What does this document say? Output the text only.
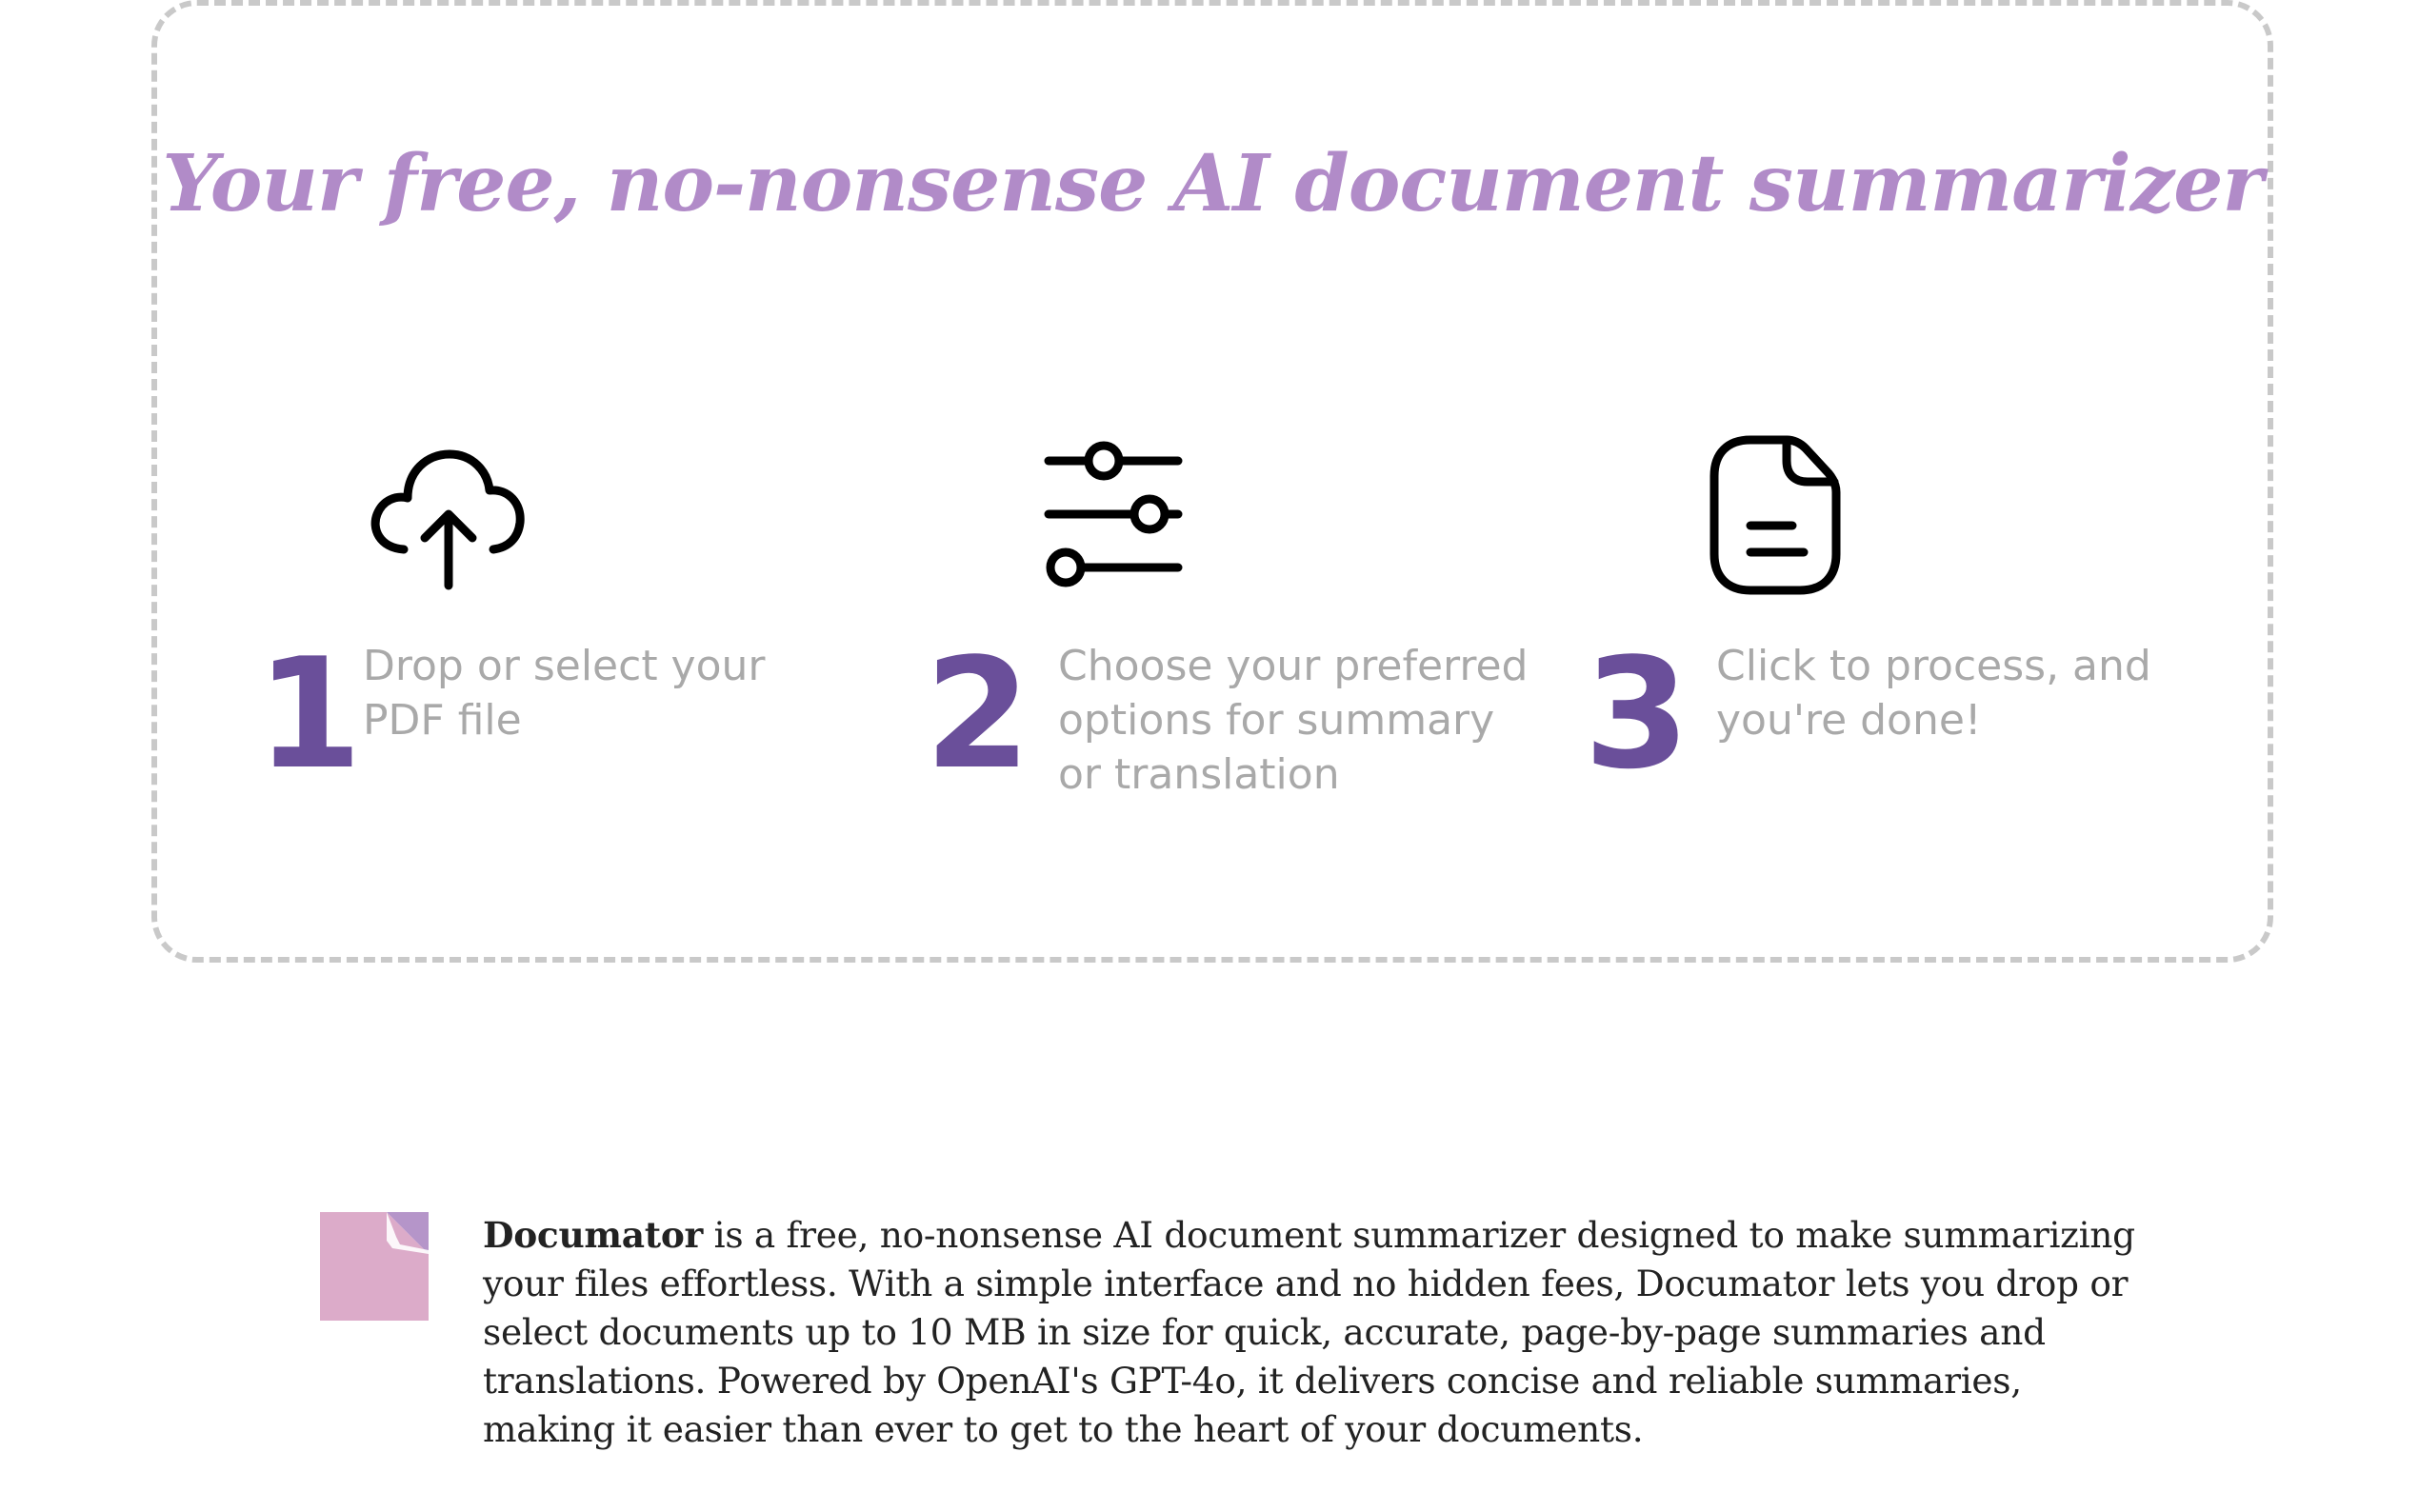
Your free, no-nonsense AI document summarizer
1	2	3
Drop or select your PDF file
Choose your preferred options for summary or translation
Click to process, and you're done!

Documator is a free, no-nonsense AI document summarizer designed to make summarizing your files effortless. With a simple interface and no hidden fees, Documator lets you drop or select documents up to 10 MB in size for quick, accurate, page-by-page summaries and translations. Powered by OpenAI's GPT-4o, it delivers concise and reliable summaries, making it easier than ever to get to the heart of your documents.
